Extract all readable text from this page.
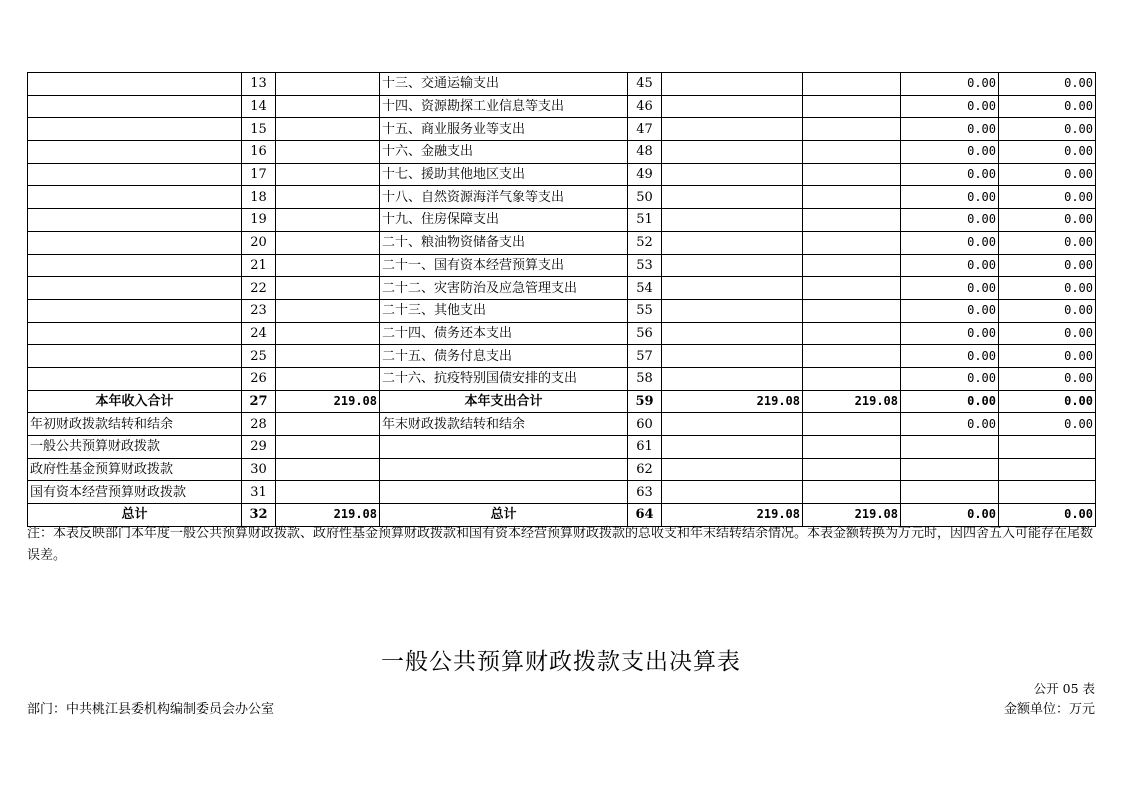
	13		十三、交通运输支出	45			0.00	0.00
	14		十四、资源勘探工业信息等支出	46			0.00	0.00
	15		十五、商业服务业等支出	47			0.00	0.00
	16		十六、金融支出	48			0.00	0.00
	17		十七、援助其他地区支出	49			0.00	0.00
	18		十八、自然资源海洋气象等支出	50			0.00	0.00
	19		十九、住房保障支出	51			0.00	0.00
	20		二十、粮油物资储备支出	52			0.00	0.00
	21		二十一、国有资本经营预算支出	53			0.00	0.00
	22		二十二、灾害防治及应急管理支出	54			0.00	0.00
	23		二十三、其他支出	55			0.00	0.00
	24		二十四、债务还本支出	56			0.00	0.00
	25		二十五、债务付息支出	57			0.00	0.00
	26		二十六、抗疫特别国债安排的支出	58			0.00	0.00
本年收入合计	27	219.08	本年支出合计	59	219.08	219.08	0.00	0.00
年初财政拨款结转和结余	28		年末财政拨款结转和结余	60			0.00	0.00
一般公共预算财政拨款	29			61				
政府性基金预算财政拨款	30			62				
国有资本经营预算财政拨款	31			63				
总计	32	219.08	总计	64	219.08	219.08	0.00	0.00
注：本表反映部门本年度一般公共预算财政拨款、政府性基金预算财政拨款和国有资本经营预算财政拨款的总收支和年末结转结余情况。本表金额转换为万元时，因四舍五入可能存在尾数误差。
一般公共预算财政拨款支出决算表
公开 05 表
部门：中共桃江县委机构编制委员会办公室	金额单位：万元
